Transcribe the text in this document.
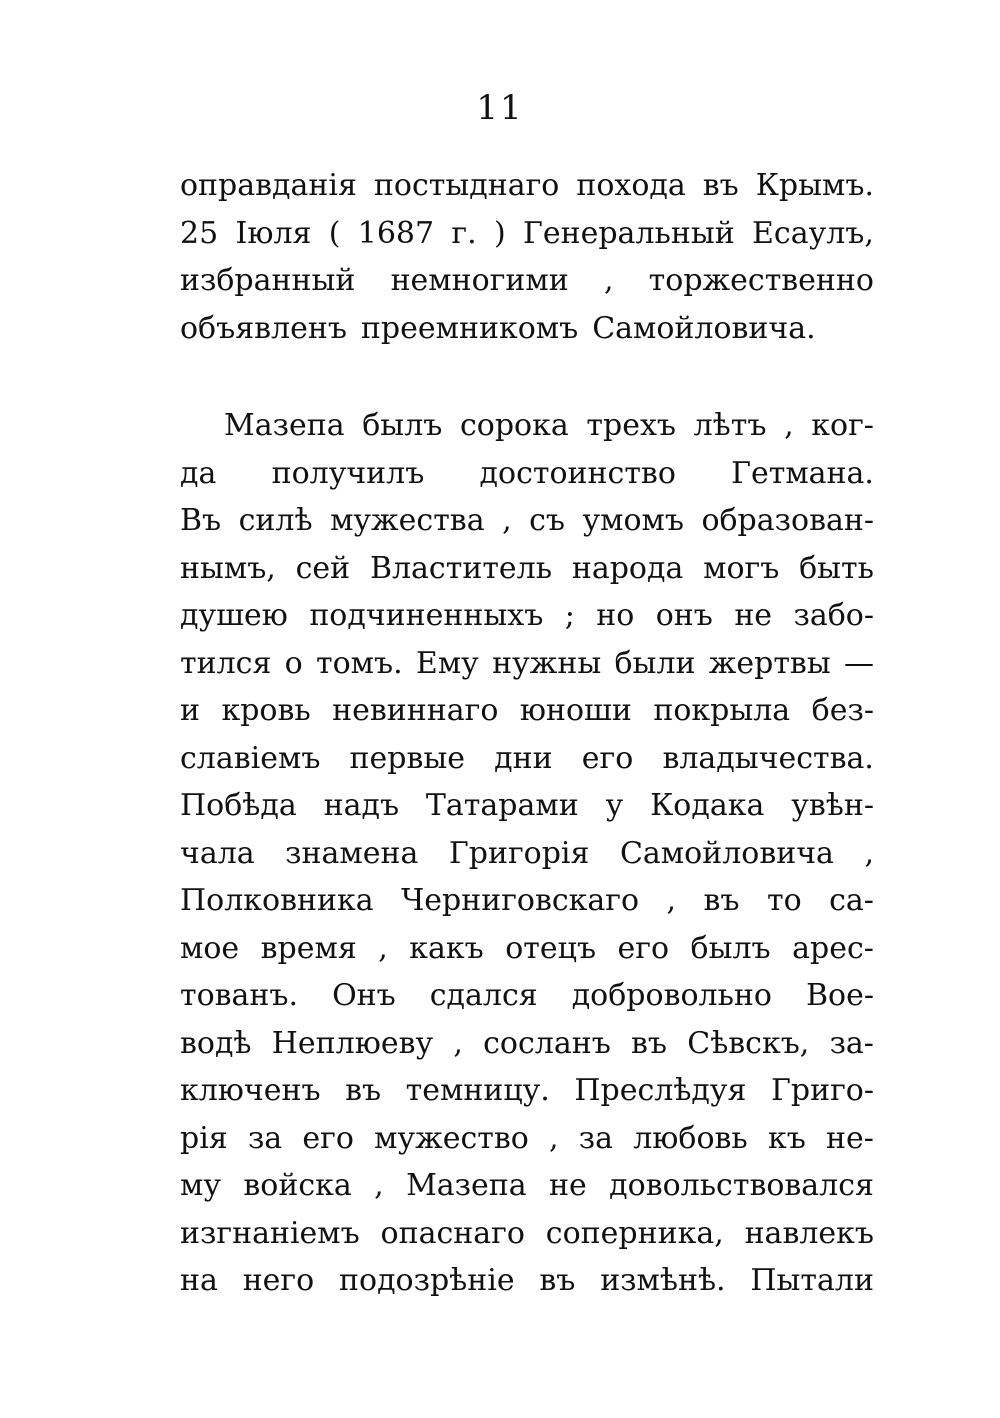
11
оправданія постыднаго похода въ Крымъ.
25 Іюля ( 1687 г. ) Генеральный Есаулъ,
избранный немногими , торжественно
объявленъ преемникомъ Самойловича.
Мазепа былъ сорока трехъ лѣтъ , ког-
да получилъ достоинство Гетмана.
Въ силѣ мужества , съ умомъ образован-
нымъ, сей Властитель народа могъ быть
душею подчиненныхъ ; но онъ не забо-
тился о томъ. Ему нужны были жертвы —
и кровь невиннаго юноши покрыла без-
славіемъ первые дни его владычества.
Побѣда надъ Татарами у Кодака увѣн-
чала знамена Григорія Самойловича ,
Полковника Черниговскаго , въ то са-
мое время , какъ отецъ его былъ арес-
тованъ. Онъ сдался добровольно Вое-
водѣ Неплюеву , сосланъ въ Сѣвскъ, за-
ключенъ въ темницу. Преслѣдуя Григо-
рія за его мужество , за любовь къ не-
му войска , Мазепа не довольствовался
изгнаніемъ опаснаго соперника, навлекъ
на него подозрѣніе въ измѣнѣ. Пытали
